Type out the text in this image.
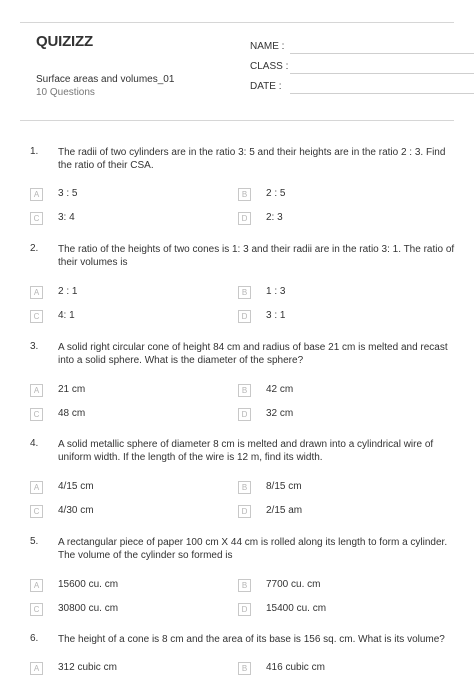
QUIZIZZ
Surface areas and volumes_01
10 Questions
NAME :
CLASS :
DATE :
1.	The radii of two cylinders are in the ratio 3: 5 and their heights are in the ratio 2 : 3. Find the ratio of their CSA.
A	3 : 5	B	2 : 5
C	3: 4	D	2: 3
2.	The ratio of the heights of two cones is 1: 3 and their radii are in the ratio 3: 1. The ratio of their volumes is
A	2 : 1	B	1 : 3
C	4: 1	D	3 : 1
3.	A solid right circular cone of height 84 cm and radius of base 21 cm is melted and recast into a solid sphere. What is the diameter of the sphere?
A	21 cm	B	42 cm
C	48 cm	D	32 cm
4.	A solid metallic sphere of diameter 8 cm is melted and drawn into a cylindrical wire of uniform width. If the length of the wire is 12 m, find its width.
A	4/15 cm	B	8/15 cm
C	4/30 cm	D	2/15 am
5.	A rectangular piece of paper 100 cm X 44 cm is rolled along its length to form a cylinder. The volume of the cylinder so formed is
A	15600 cu. cm	B	7700 cu. cm
C	30800 cu. cm	D	15400 cu. cm
6.	The height of a cone is 8 cm and the area of its base is 156 sq. cm. What is its volume?
A	312 cubic cm	B	416 cubic cm
